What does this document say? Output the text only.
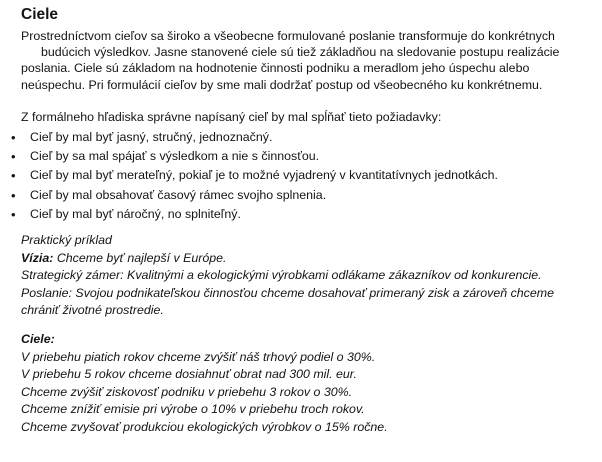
Ciele
Prostredníctvom cieľov sa široko a všeobecne formulované poslanie transformuje do konkrétnych
budúcich výsledkov. Jasne stanovené ciele sú tiež základňou na sledovanie postupu realizácie
poslania. Ciele sú základom na hodnotenie činnosti podniku a meradlom jeho úspechu alebo
neúspechu. Pri formulácií cieľov by sme mali dodržať postup od všeobecného ku konkrétnemu.
Z formálneho hľadiska správne napísaný cieľ by mal spĺňať tieto požiadavky:
• Cieľ by mal byť jasný, stručný, jednoznačný.
• Cieľ by sa mal spájať s výsledkom a nie s činnosťou.
• Cieľ by mal byť merateľný, pokiaľ je to možné vyjadrený v kvantitatívnych jednotkách.
• Cieľ by mal obsahovať časový rámec svojho splnenia.
• Cieľ by mal byť náročný, no splniteľný.
Praktický príklad
Vízia: Chceme byť najlepší v Európe.
Strategický zámer: Kvalitnými a ekologickými výrobkami odlákame zákazníkov od konkurencie.
Poslanie: Svojou podnikateľskou činnosťou chceme dosahovať primeraný zisk a zároveň chceme
chrániť životné prostredie.
Ciele:
V priebehu piatich rokov chceme zvýšiť náš trhový podiel o 30%.
V priebehu 5 rokov chceme dosiahnuť obrat nad 300 mil. eur.
Chceme zvýšiť ziskovosť podniku v priebehu 3 rokov o 30%.
Chceme znížiť emisie pri výrobe o 10% v priebehu troch rokov.
Chceme zvyšovať produkciou ekologických výrobkov o 15% ročne.
